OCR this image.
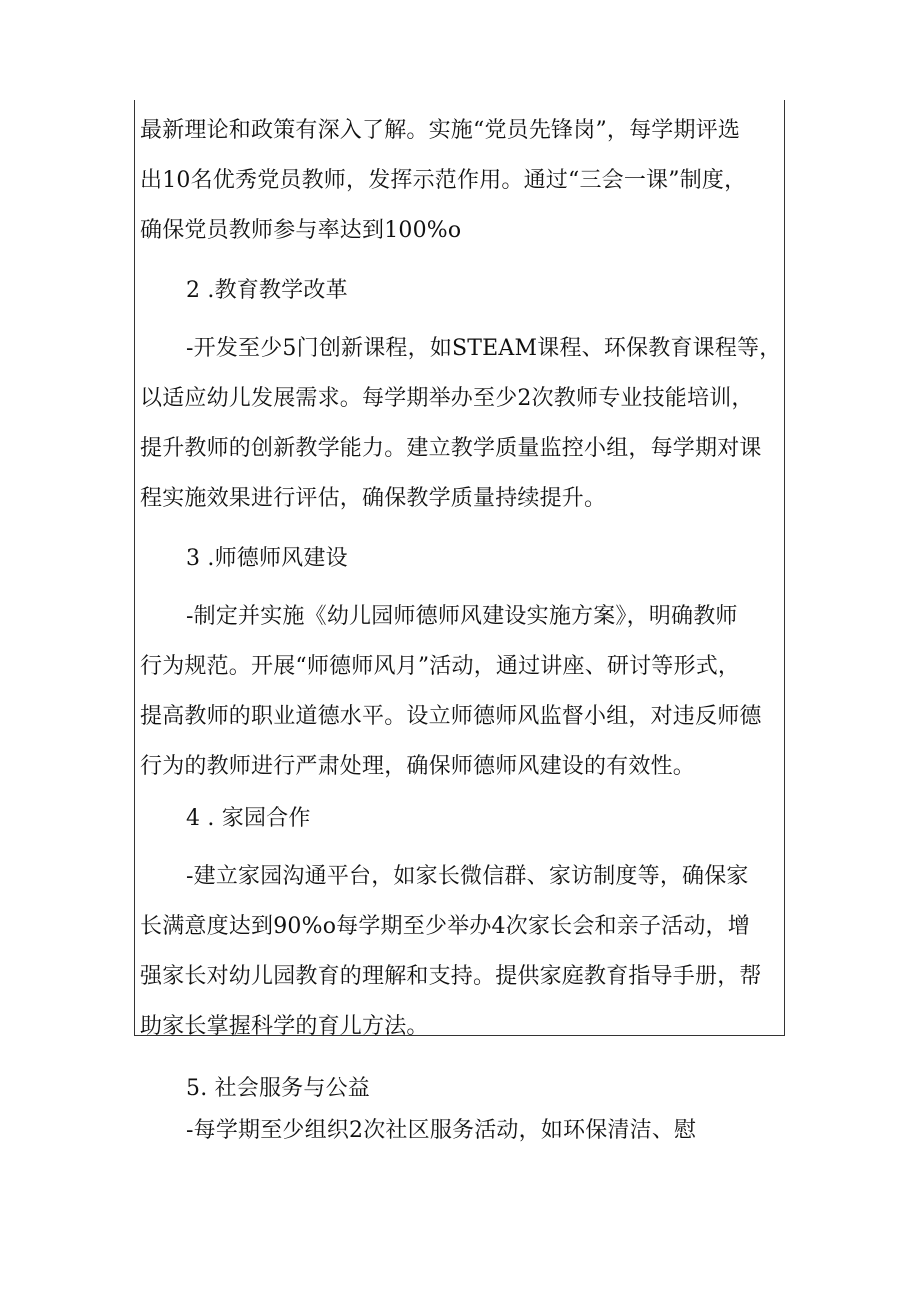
最新理论和政策有深入了解。实施“党员先锋岗”，每学期评选
出10名优秀党员教师，发挥示范作用。通过“三会一课”制度，
确保党员教师参与率达到100%o
2 .教育教学改革
-开发至少5门创新课程，如STEAM课程、环保教育课程等，
以适应幼儿发展需求。每学期举办至少2次教师专业技能培训，
提升教师的创新教学能力。建立教学质量监控小组，每学期对课
程实施效果进行评估，确保教学质量持续提升。
3 .师德师风建设
-制定并实施《幼儿园师德师风建设实施方案》，明确教师
行为规范。开展“师德师风月”活动，通过讲座、研讨等形式，
提高教师的职业道德水平。设立师德师风监督小组，对违反师德
行为的教师进行严肃处理，确保师德师风建设的有效性。
4 . 家园合作
-建立家园沟通平台，如家长微信群、家访制度等，确保家
长满意度达到90%o每学期至少举办4次家长会和亲子活动，增
强家长对幼儿园教育的理解和支持。提供家庭教育指导手册，帮
助家长掌握科学的育儿方法。
5. 社会服务与公益
-每学期至少组织2次社区服务活动，如环保清洁、慰
